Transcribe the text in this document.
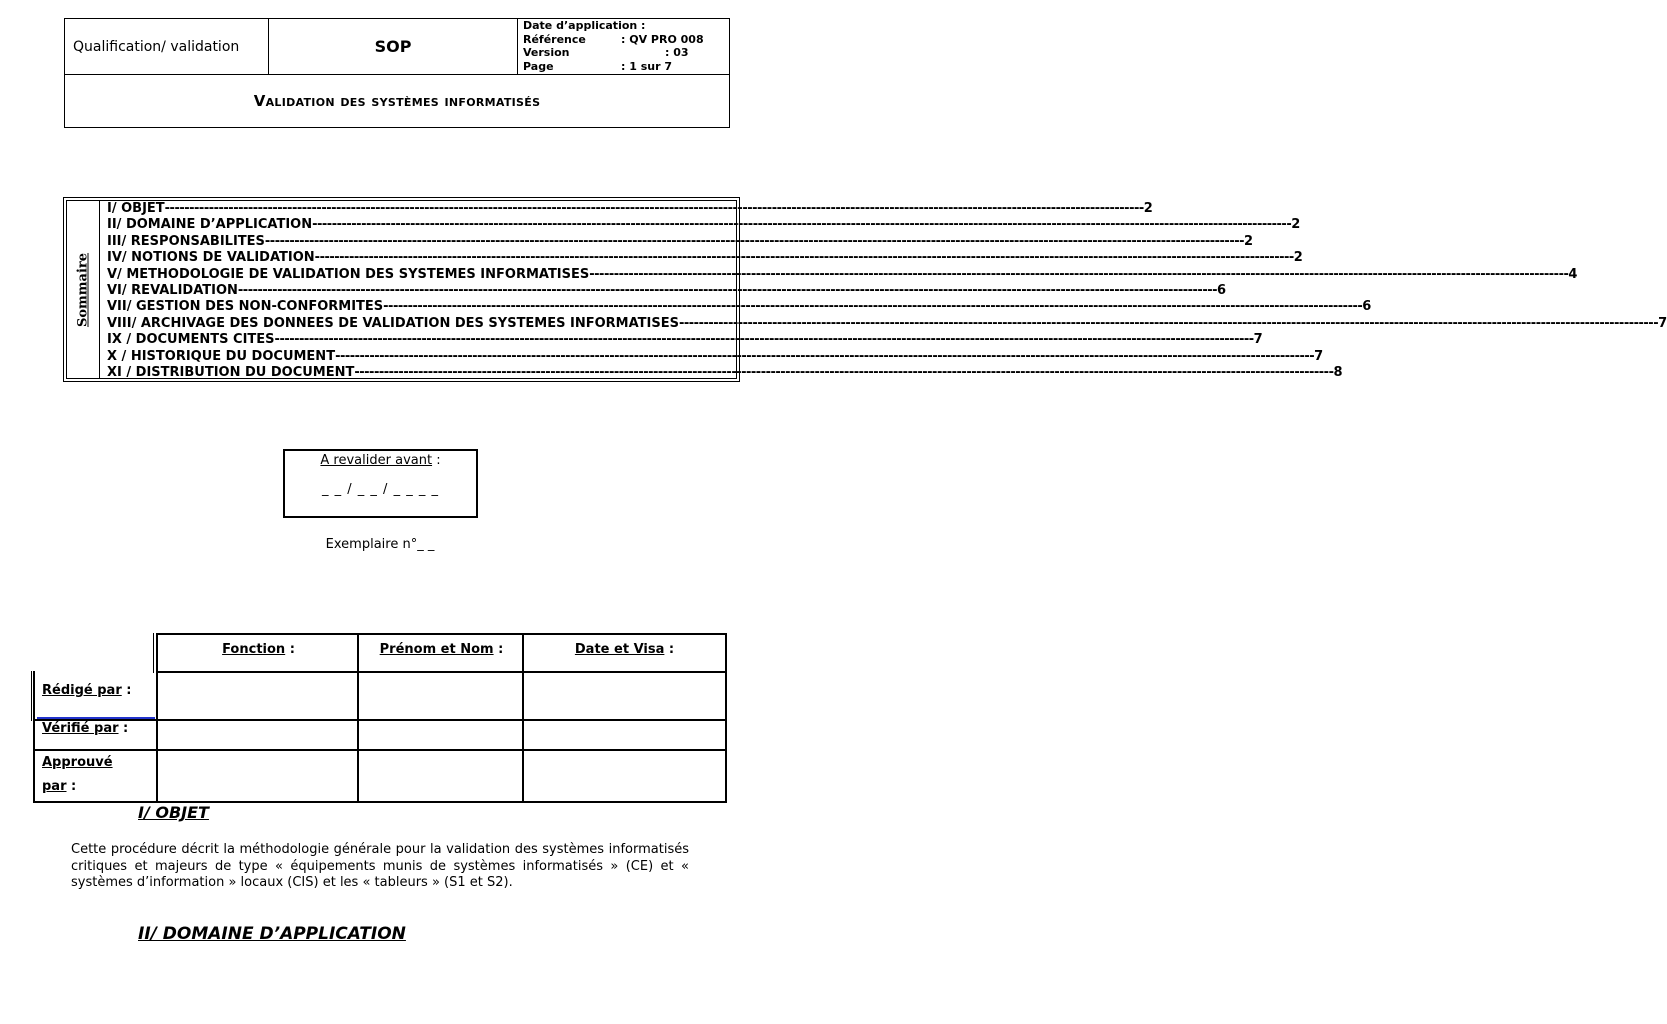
Qualification/ validation	SOP
Date d’application :
Référence	: QV PRO 008
Version	: 03
Page	: 1 sur 7
Validation des systèmes informatisés
Sommaire
I/ OBJET -------------------------------------------------------------------------------------------------------------------------------------------------------------------------------------------------------- 2
II/ DOMAINE D’APPLICATION -------------------------------------------------------------------------------------------------------------------------------------------------------------------------------------------------------- 2
III/ RESPONSABILITES -------------------------------------------------------------------------------------------------------------------------------------------------------------------------------------------------------- 2
IV/ NOTIONS DE VALIDATION -------------------------------------------------------------------------------------------------------------------------------------------------------------------------------------------------------- 2
V/ METHODOLOGIE DE VALIDATION DES SYSTEMES INFORMATISES -------------------------------------------------------------------------------------------------------------------------------------------------------------------------------------------------------- 4
VI/ REVALIDATION -------------------------------------------------------------------------------------------------------------------------------------------------------------------------------------------------------- 6
VII/ GESTION DES NON-CONFORMITES -------------------------------------------------------------------------------------------------------------------------------------------------------------------------------------------------------- 6
VIII/ ARCHIVAGE DES DONNEES DE VALIDATION DES SYSTEMES INFORMATISES -------------------------------------------------------------------------------------------------------------------------------------------------------------------------------------------------------- 7
IX / DOCUMENTS CITES -------------------------------------------------------------------------------------------------------------------------------------------------------------------------------------------------------- 7
X / HISTORIQUE DU DOCUMENT -------------------------------------------------------------------------------------------------------------------------------------------------------------------------------------------------------- 7
XI / DISTRIBUTION DU DOCUMENT -------------------------------------------------------------------------------------------------------------------------------------------------------------------------------------------------------- 8
A revalider avant :
_ _ / _ _ / _ _ _ _
Exemplaire n°_ _
Fonction :	Prénom et Nom :	Date et Visa :
Rédigé par :
Vérifié par :
Approuvé
par :
I/ OBJET
Cette procédure décrit la méthodologie générale pour la validation des systèmes informatisés critiques et majeurs de type « équipements munis de systèmes informatisés » (CE) et « systèmes d’information » locaux (CIS) et les « tableurs » (S1 et S2).
II/ DOMAINE D’APPLICATION
